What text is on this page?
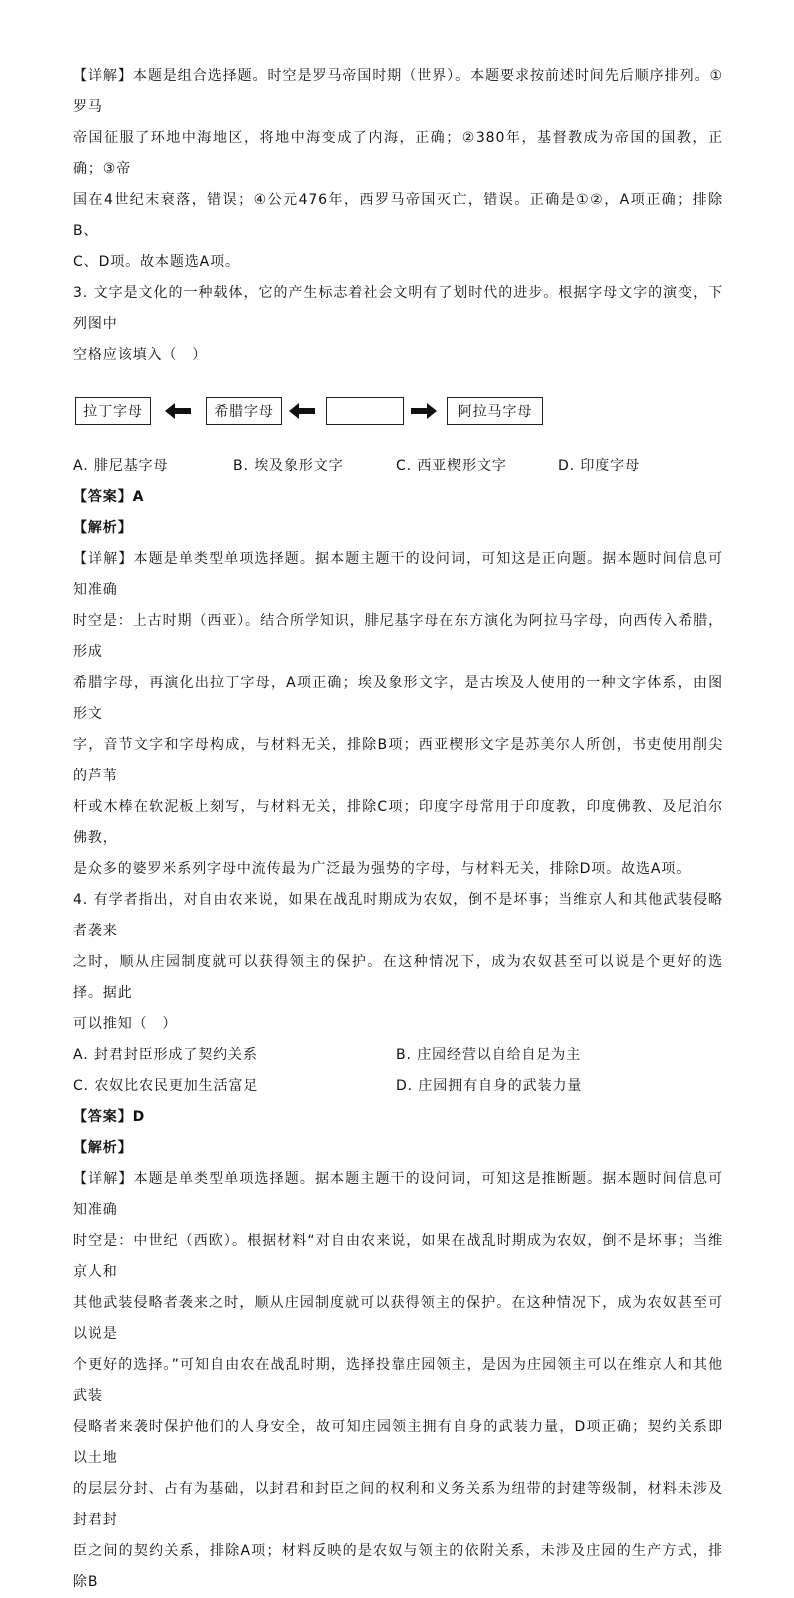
【详解】本题是组合选择题。时空是罗马帝国时期（世界）。本题要求按前述时间先后顺序排列。①罗马

帝国征服了环地中海地区，将地中海变成了内海，正确；②380年，基督教成为帝国的国教，正确；③帝

国在4世纪末衰落，错误；④公元476年，西罗马帝国灭亡，错误。正确是①②，A项正确；排除B、

C、D项。故本题选A项。

3. 文字是文化的一种载体，它的产生标志着社会文明有了划时代的进步。根据字母文字的演变，下列图中

空格应该填入（　）

拉丁字母	希腊字母	阿拉马字母
A. 腓尼基字母	B. 埃及象形文字	C. 西亚楔形文字	D. 印度字母

【答案】A

【解析】

【详解】本题是单类型单项选择题。据本题主题干的设问词，可知这是正向题。据本题时间信息可知准确

时空是：上古时期（西亚）。结合所学知识，腓尼基字母在东方演化为阿拉马字母，向西传入希腊，形成

希腊字母，再演化出拉丁字母，A项正确；埃及象形文字，是古埃及人使用的一种文字体系，由图形文

字，音节文字和字母构成，与材料无关，排除B项；西亚楔形文字是苏美尔人所创，书吏使用削尖的芦苇

杆或木棒在软泥板上刻写，与材料无关，排除C项；印度字母常用于印度教，印度佛教、及尼泊尔佛教，

是众多的婆罗米系列字母中流传最为广泛最为强势的字母，与材料无关，排除D项。故选A项。

4. 有学者指出，对自由农来说，如果在战乱时期成为农奴，倒不是坏事；当维京人和其他武装侵略者袭来

之时，顺从庄园制度就可以获得领主的保护。在这种情况下，成为农奴甚至可以说是个更好的选择。据此

可以推知（　）

A. 封君封臣形成了契约关系	B. 庄园经营以自给自足为主
C. 农奴比农民更加生活富足	D. 庄园拥有自身的武装力量

【答案】D

【解析】

【详解】本题是单类型单项选择题。据本题主题干的设问词，可知这是推断题。据本题时间信息可知准确

时空是：中世纪（西欧）。根据材料“对自由农来说，如果在战乱时期成为农奴，倒不是坏事；当维京人和

其他武装侵略者袭来之时，顺从庄园制度就可以获得领主的保护。在这种情况下，成为农奴甚至可以说是

个更好的选择。”可知自由农在战乱时期，选择投靠庄园领主，是因为庄园领主可以在维京人和其他武装

侵略者来袭时保护他们的人身安全，故可知庄园领主拥有自身的武装力量，D项正确；契约关系即以土地

的层层分封、占有为基础，以封君和封臣之间的权利和义务关系为纽带的封建等级制，材料未涉及封君封

臣之间的契约关系，排除A项；材料反映的是农奴与领主的依附关系，未涉及庄园的生产方式，排除B
